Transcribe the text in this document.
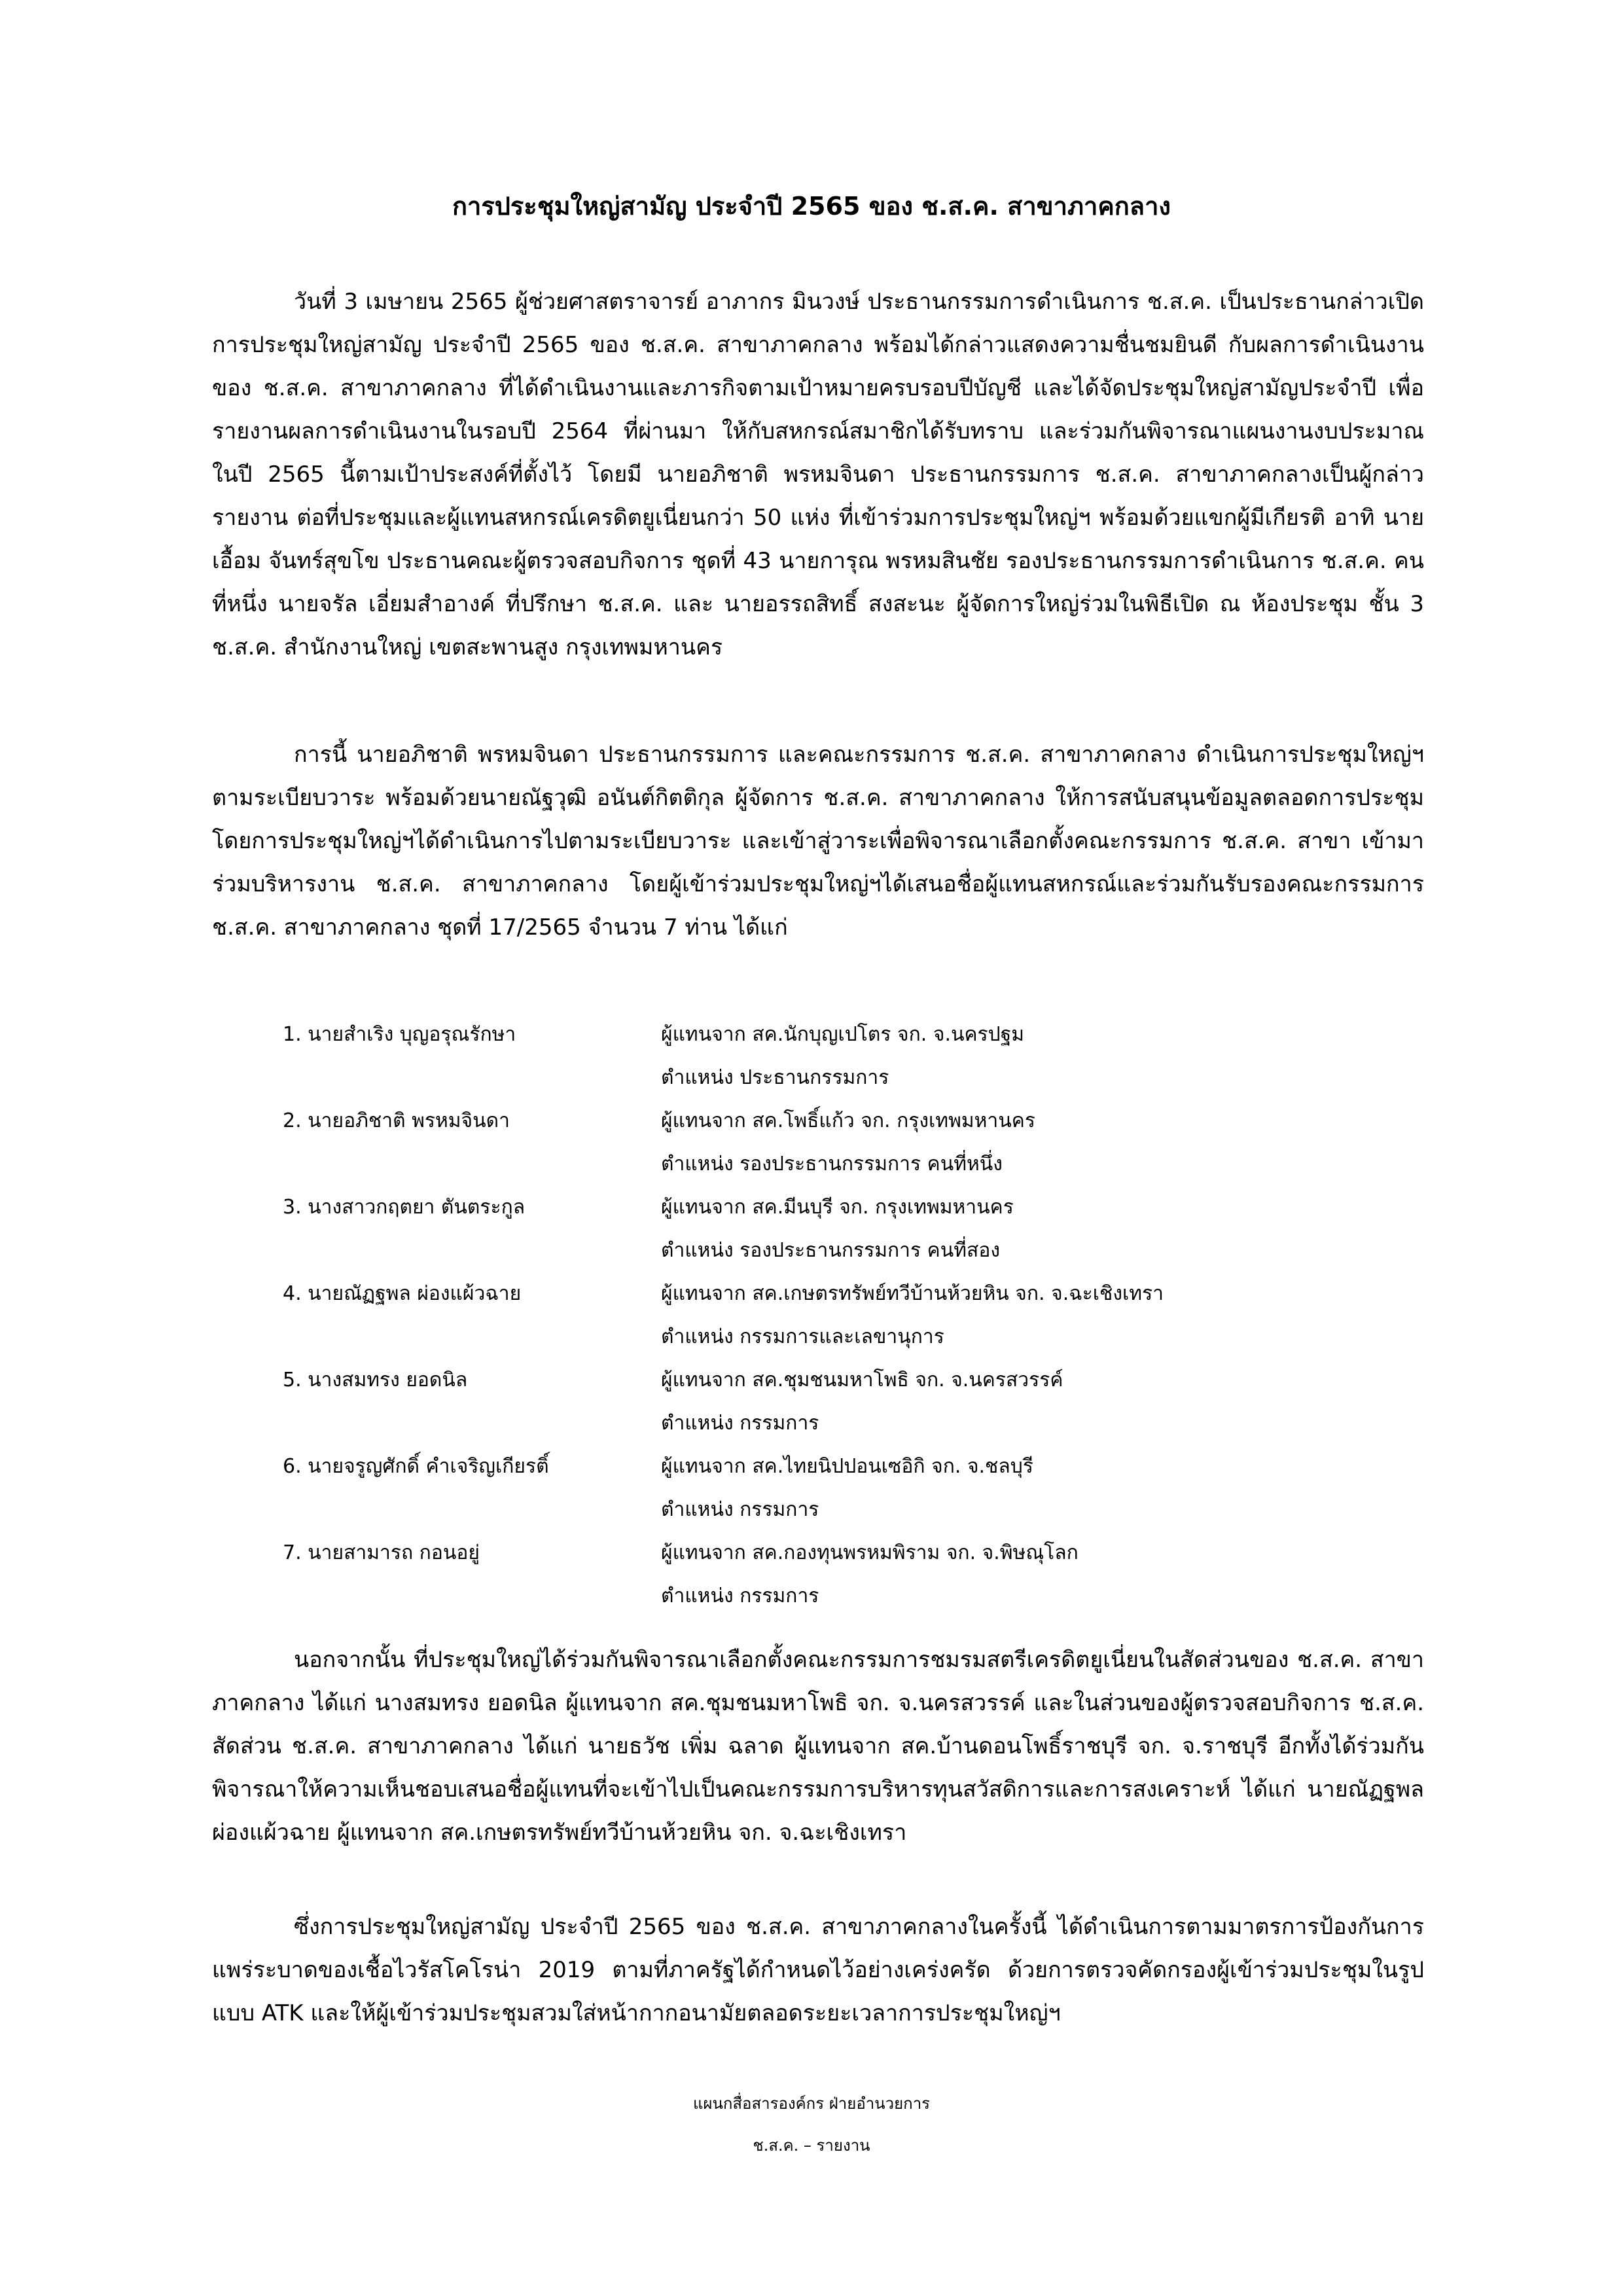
การประชุมใหญ่สามัญ ประจำปี 2565 ของ ช.ส.ค. สาขาภาคกลาง

วันที่ 3 เมษายน 2565 ผู้ช่วยศาสตราจารย์ อาภากร มินวงษ์ ประธานกรรมการดำเนินการ ช.ส.ค. เป็นประธานกล่าวเปิดการประชุมใหญ่สามัญ ประจำปี 2565 ของ ช.ส.ค. สาขาภาคกลาง พร้อมได้กล่าวแสดงความชื่นชมยินดี กับผลการดำเนินงานของ ช.ส.ค. สาขาภาคกลาง ที่ได้ดำเนินงานและภารกิจตามเป้าหมายครบรอบปีบัญชี และได้จัดประชุมใหญ่สามัญประจำปี เพื่อรายงานผลการดำเนินงานในรอบปี 2564 ที่ผ่านมา ให้กับสหกรณ์สมาชิกได้รับทราบ และร่วมกันพิจารณาแผนงานงบประมาณ ในปี 2565 นี้ตามเป้าประสงค์ที่ตั้งไว้ โดยมี นายอภิชาติ พรหมจินดา ประธานกรรมการ ช.ส.ค. สาขาภาคกลางเป็นผู้กล่าวรายงาน ต่อที่ประชุมและผู้แทนสหกรณ์เครดิตยูเนี่ยนกว่า 50 แห่ง ที่เข้าร่วมการประชุมใหญ่ฯ พร้อมด้วยแขกผู้มีเกียรติ อาทิ นายเอื้อม จันทร์สุขโข ประธานคณะผู้ตรวจสอบกิจการ ชุดที่ 43 นายการุณ พรหมสินชัย รองประธานกรรมการดำเนินการ ช.ส.ค. คนที่หนึ่ง นายจรัล เอี่ยมสำอางค์ ที่ปรึกษา ช.ส.ค. และ นายอรรถสิทธิ์ สงสะนะ ผู้จัดการใหญ่ร่วมในพิธีเปิด ณ ห้องประชุม ชั้น 3 ช.ส.ค. สำนักงานใหญ่ เขตสะพานสูง กรุงเทพมหานคร

การนี้ นายอภิชาติ พรหมจินดา ประธานกรรมการ และคณะกรรมการ ช.ส.ค. สาขาภาคกลาง ดำเนินการประชุมใหญ่ฯ ตามระเบียบวาระ พร้อมด้วยนายณัฐวุฒิ อนันต์กิตติกุล ผู้จัดการ ช.ส.ค. สาขาภาคกลาง ให้การสนับสนุนข้อมูลตลอดการประชุม โดยการประชุมใหญ่ฯได้ดำเนินการไปตามระเบียบวาระ และเข้าสู่วาระเพื่อพิจารณาเลือกตั้งคณะกรรมการ ช.ส.ค. สาขา เข้ามาร่วมบริหารงาน ช.ส.ค. สาขาภาคกลาง โดยผู้เข้าร่วมประชุมใหญ่ฯได้เสนอชื่อผู้แทนสหกรณ์และร่วมกันรับรองคณะกรรมการ ช.ส.ค. สาขาภาคกลาง ชุดที่ 17/2565 จำนวน 7 ท่าน ได้แก่

1. นายสำเริง บุญอรุณรักษา	ผู้แทนจาก สค.นักบุญเปโตร จก. จ.นครปฐม
ตำแหน่ง ประธานกรรมการ
2. นายอภิชาติ พรหมจินดา	ผู้แทนจาก สค.โพธิ์แก้ว จก. กรุงเทพมหานคร
ตำแหน่ง รองประธานกรรมการ คนที่หนึ่ง
3. นางสาวกฤตยา ตันตระกูล	ผู้แทนจาก สค.มีนบุรี จก. กรุงเทพมหานคร
ตำแหน่ง รองประธานกรรมการ คนที่สอง
4. นายณัฏฐพล ผ่องแผ้วฉาย	ผู้แทนจาก สค.เกษตรทรัพย์ทวีบ้านห้วยหิน จก. จ.ฉะเชิงเทรา
ตำแหน่ง กรรมการและเลขานุการ
5. นางสมทรง ยอดนิล	ผู้แทนจาก สค.ชุมชนมหาโพธิ จก. จ.นครสวรรค์
ตำแหน่ง กรรมการ
6. นายจรูญศักดิ์ คำเจริญเกียรติ์	ผู้แทนจาก สค.ไทยนิปปอนเซอิกิ จก. จ.ชลบุรี
ตำแหน่ง กรรมการ
7. นายสามารถ กอนอยู่	ผู้แทนจาก สค.กองทุนพรหมพิราม จก. จ.พิษณุโลก
ตำแหน่ง กรรมการ

นอกจากนั้น ที่ประชุมใหญ่ได้ร่วมกันพิจารณาเลือกตั้งคณะกรรมการชมรมสตรีเครดิตยูเนี่ยนในสัดส่วนของ ช.ส.ค. สาขาภาคกลาง ได้แก่ นางสมทรง ยอดนิล ผู้แทนจาก สค.ชุมชนมหาโพธิ จก. จ.นครสวรรค์ และในส่วนของผู้ตรวจสอบกิจการ ช.ส.ค. สัดส่วน ช.ส.ค. สาขาภาคกลาง ได้แก่ นายธวัช เพิ่ม ฉลาด ผู้แทนจาก สค.บ้านดอนโพธิ์ราชบุรี จก. จ.ราชบุรี อีกทั้งได้ร่วมกันพิจารณาให้ความเห็นชอบเสนอชื่อผู้แทนที่จะเข้าไปเป็นคณะกรรมการบริหารทุนสวัสดิการและการสงเคราะห์ ได้แก่ นายณัฏฐพล ผ่องแผ้วฉาย ผู้แทนจาก สค.เกษตรทรัพย์ทวีบ้านห้วยหิน จก. จ.ฉะเชิงเทรา

ซึ่งการประชุมใหญ่สามัญ ประจำปี 2565 ของ ช.ส.ค. สาขาภาคกลางในครั้งนี้ ได้ดำเนินการตามมาตรการป้องกันการแพร่ระบาดของเชื้อไวรัสโคโรน่า 2019 ตามที่ภาครัฐได้กำหนดไว้อย่างเคร่งครัด ด้วยการตรวจคัดกรองผู้เข้าร่วมประชุมในรูปแบบ ATK และให้ผู้เข้าร่วมประชุมสวมใส่หน้ากากอนามัยตลอดระยะเวลาการประชุมใหญ่ฯ

แผนกสื่อสารองค์กร ฝ่ายอำนวยการ
ช.ส.ค. – รายงาน
